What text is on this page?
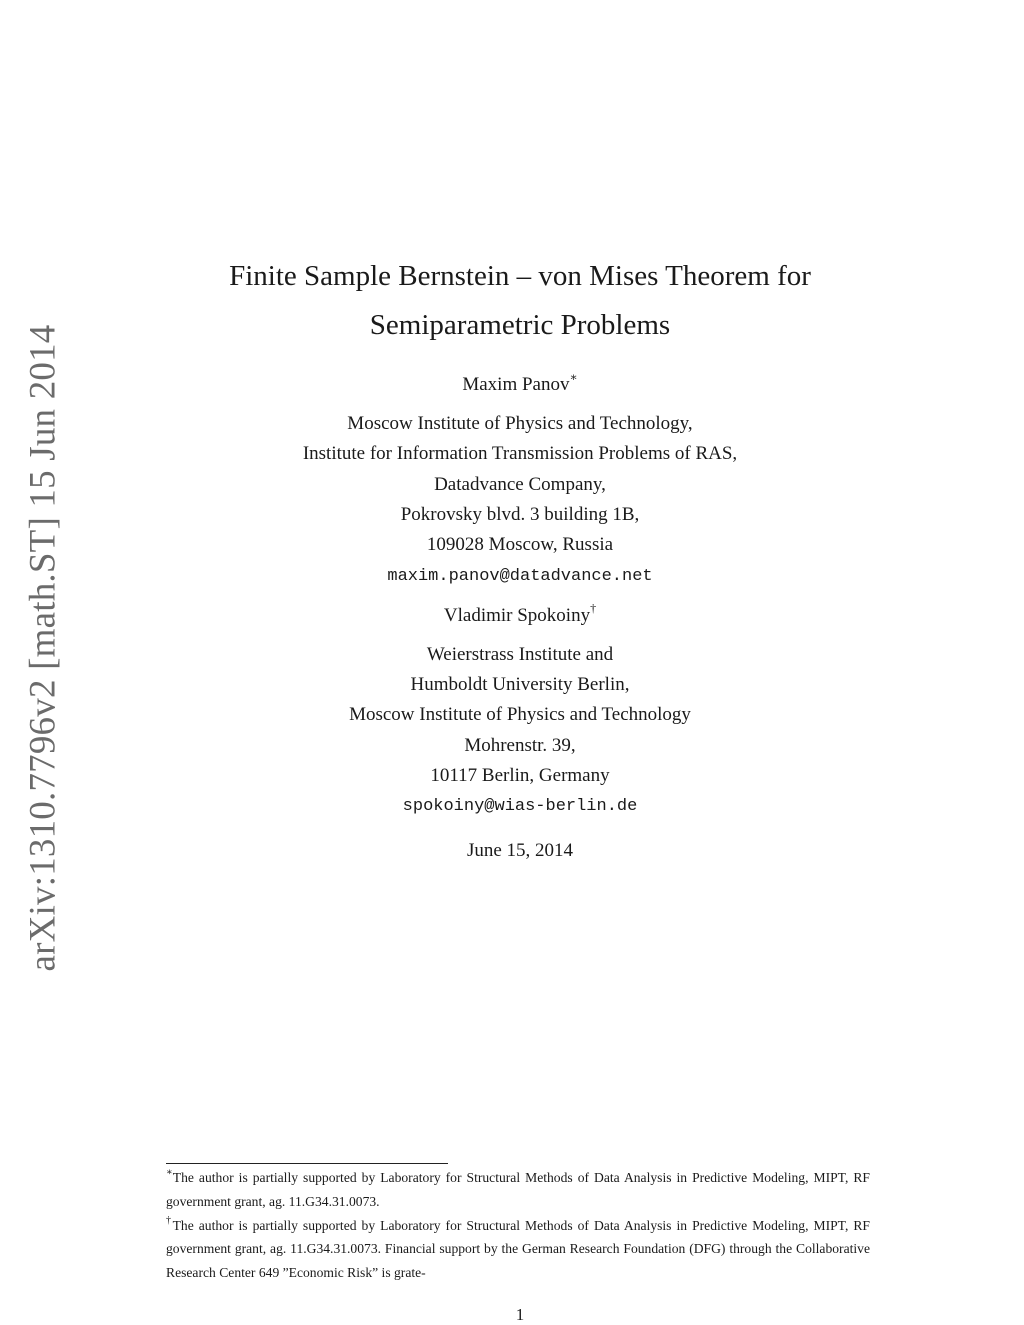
arXiv:1310.7796v2 [math.ST] 15 Jun 2014
Finite Sample Bernstein – von Mises Theorem for
Semiparametric Problems
Maxim Panov∗
Moscow Institute of Physics and Technology,
Institute for Information Transmission Problems of RAS,
Datadvance Company,
Pokrovsky blvd. 3 building 1B,
109028 Moscow, Russia
maxim.panov@datadvance.net
Vladimir Spokoiny†
Weierstrass Institute and
Humboldt University Berlin,
Moscow Institute of Physics and Technology
Mohrenstr. 39,
10117 Berlin, Germany
spokoiny@wias-berlin.de
June 15, 2014

∗The author is partially supported by Laboratory for Structural Methods of Data Analysis in Predictive Modeling, MIPT, RF government grant, ag. 11.G34.31.0073.

†The author is partially supported by Laboratory for Structural Methods of Data Analysis in Predictive Modeling, MIPT, RF government grant, ag. 11.G34.31.0073. Financial support by the German Research Foundation (DFG) through the Collaborative Research Center 649 ”Economic Risk” is grate-

1
